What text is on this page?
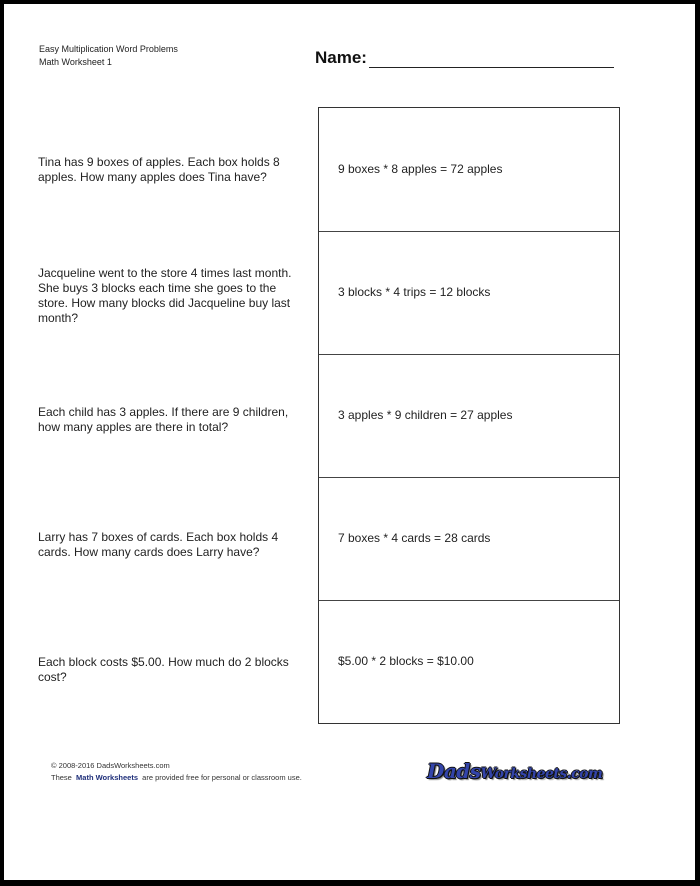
Easy Multiplication Word Problems
Math Worksheet 1	Name:
Tina has 9 boxes of apples. Each box holds 8 apples. How many apples does Tina have?
Jacqueline went to the store 4 times last month. She buys 3 blocks each time she goes to the store. How many blocks did Jacqueline buy last month?
Each child has 3 apples. If there are 9 children, how many apples are there in total?
Larry has 7 boxes of cards. Each box holds 4 cards. How many cards does Larry have?
Each block costs $5.00. How much do 2 blocks cost?
9 boxes * 8 apples = 72 apples
3 blocks * 4 trips = 12 blocks
3 apples * 9 children = 27 apples
7 boxes * 4 cards = 28 cards
$5.00 * 2 blocks = $10.00
© 2008-2016 DadsWorksheets.com
These Math Worksheets are provided free for personal or classroom use.	DadsWorksheets.com
